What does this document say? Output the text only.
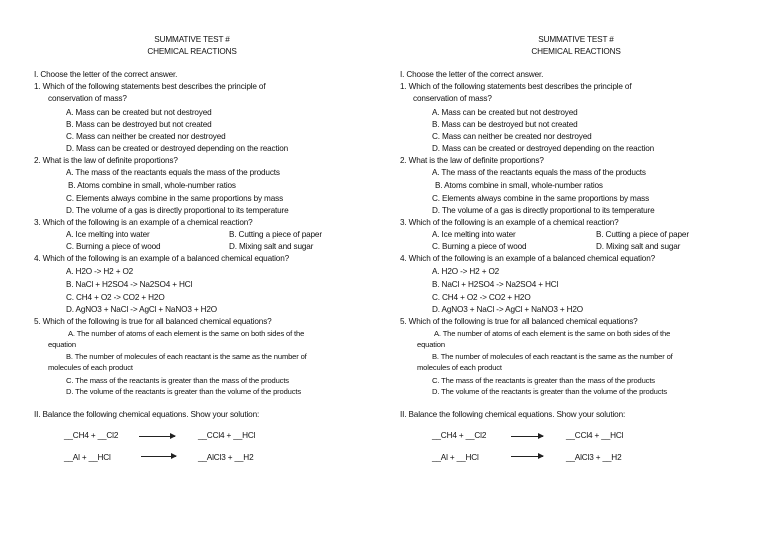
SUMMATIVE TEST #
CHEMICAL REACTIONS
I. Choose the letter of the correct answer.
1. Which of the following statements best describes the principle of
conservation of mass?
A. Mass can be created but not destroyed
B. Mass can be destroyed but not created
C. Mass can neither be created nor destroyed
D. Mass can be created or destroyed depending on the reaction
2. What is the law of definite proportions?
A. The mass of the reactants equals the mass of the products
B. Atoms combine in small, whole-number ratios
C. Elements always combine in the same proportions by mass
D. The volume of a gas is directly proportional to its temperature
3. Which of the following is an example of a chemical reaction?
A. Ice melting into water	B. Cutting a piece of paper
C. Burning a piece of wood	D. Mixing salt and sugar
4. Which of the following is an example of a balanced chemical equation?
A. H2O -> H2 + O2
B. NaCl + H2SO4 -> Na2SO4 + HCl
C. CH4 + O2 -> CO2 + H2O
D. AgNO3 + NaCl -> AgCl + NaNO3 + H2O
5. Which of the following is true for all balanced chemical equations?
A. The number of atoms of each element is the same on both sides of the
equation
B. The number of molecules of each reactant is the same as the number of
molecules of each product
C. The mass of the reactants is greater than the mass of the products
D. The volume of the reactants is greater than the volume of the products
II. Balance the following chemical equations. Show your solution:
__CH4 + __Cl2	__CCl4 + __HCl
__Al + __HCl	__AlCl3 + __H2
SUMMATIVE TEST #
CHEMICAL REACTIONS
I. Choose the letter of the correct answer.
1. Which of the following statements best describes the principle of
conservation of mass?
A. Mass can be created but not destroyed
B. Mass can be destroyed but not created
C. Mass can neither be created nor destroyed
D. Mass can be created or destroyed depending on the reaction
2. What is the law of definite proportions?
A. The mass of the reactants equals the mass of the products
B. Atoms combine in small, whole-number ratios
C. Elements always combine in the same proportions by mass
D. The volume of a gas is directly proportional to its temperature
3. Which of the following is an example of a chemical reaction?
A. Ice melting into water	B. Cutting a piece of paper
C. Burning a piece of wood	D. Mixing salt and sugar
4. Which of the following is an example of a balanced chemical equation?
A. H2O -> H2 + O2
B. NaCl + H2SO4 -> Na2SO4 + HCl
C. CH4 + O2 -> CO2 + H2O
D. AgNO3 + NaCl -> AgCl + NaNO3 + H2O
5. Which of the following is true for all balanced chemical equations?
A. The number of atoms of each element is the same on both sides of the
equation
B. The number of molecules of each reactant is the same as the number of
molecules of each product
C. The mass of the reactants is greater than the mass of the products
D. The volume of the reactants is greater than the volume of the products
II. Balance the following chemical equations. Show your solution:
__CH4 + __Cl2	__CCl4 + __HCl
__Al + __HCl	__AlCl3 + __H2
